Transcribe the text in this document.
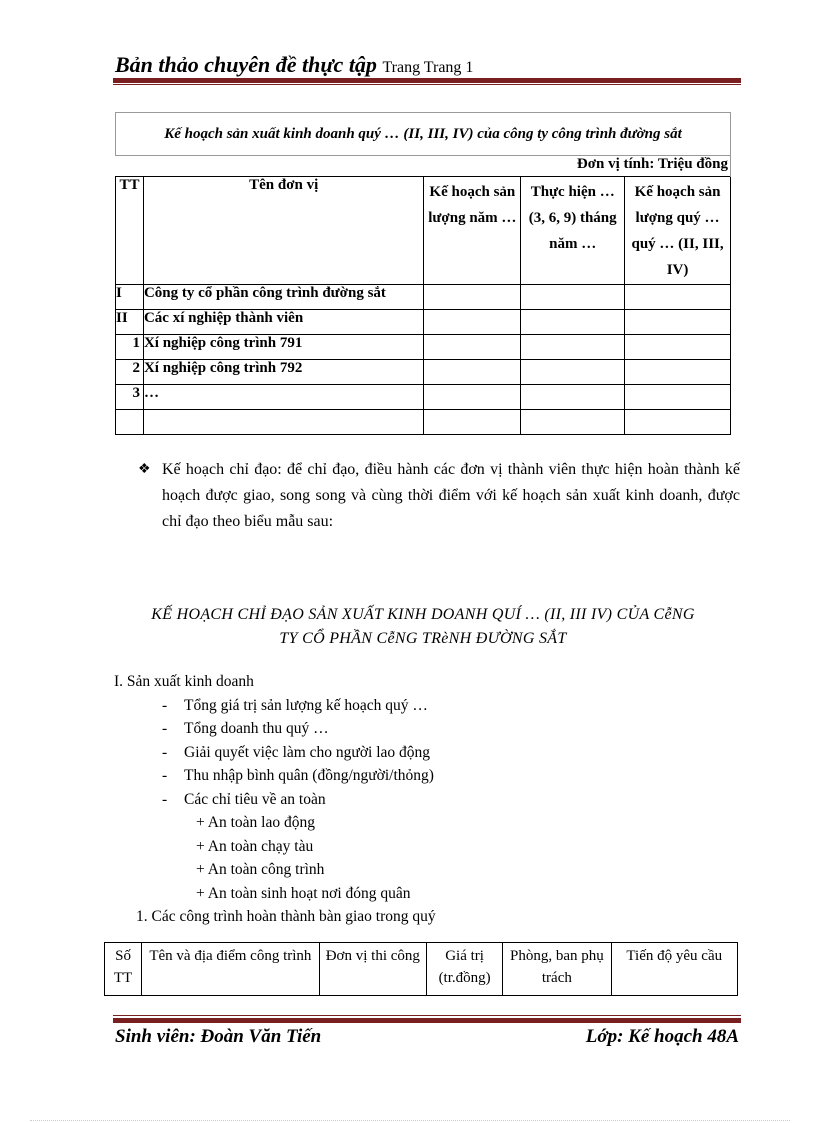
Bản thảo chuyên đề thực tập Trang Trang 1
Kế hoạch sản xuất kinh doanh quý … (II, III, IV) của công ty công trình đường sắt				
Đơn vị tính: Triệu đồng				
TT	Tên đơn vị	Kế hoạch sản lượng năm …	Thực hiện … (3, 6, 9) tháng năm …	Kế hoạch sản lượng quý …quý … (II, III, IV)
I	Công ty cổ phần công trình đường sắt			
II	Các xí nghiệp thành viên			
1	Xí nghiệp công trình 791			
2	Xí nghiệp công trình 792			
3	…			

❖ Kế hoạch chỉ đạo: để chỉ đạo, điều hành các đơn vị thành viên thực hiện hoàn thành kế hoạch được giao, song song và cùng thời điểm với kế hoạch sản xuất kinh doanh, được chỉ đạo theo biểu mẫu sau:

KẾ HOẠCH CHỈ ĐẠO SẢN XUẤT KINH DOANH QUÍ … (II, III IV) CỦA CễNG
TY CỔ PHẦN CễNG TRèNH ĐƯỜNG SẮT
I. Sản xuất kinh doanh
- Tổng giá trị sản lượng kế hoạch quý …
- Tổng doanh thu quý …
- Giải quyết việc làm cho người lao động
- Thu nhập bình quân (đồng/người/thỏng)
- Các chỉ tiêu về an toàn
+ An toàn lao động
+ An toàn chạy tàu
+ An toàn công trình
+ An toàn sinh hoạt nơi đóng quân
1. Các công trình hoàn thành bàn giao trong quý
Số TT	Tên và địa điểm công trình	Đơn vị thi công	Giá trị (tr.đồng)	Phòng, ban phụ trách	Tiến độ yêu cầu
Sinh viên: Đoàn Văn Tiến	Lớp: Kế hoạch 48A
